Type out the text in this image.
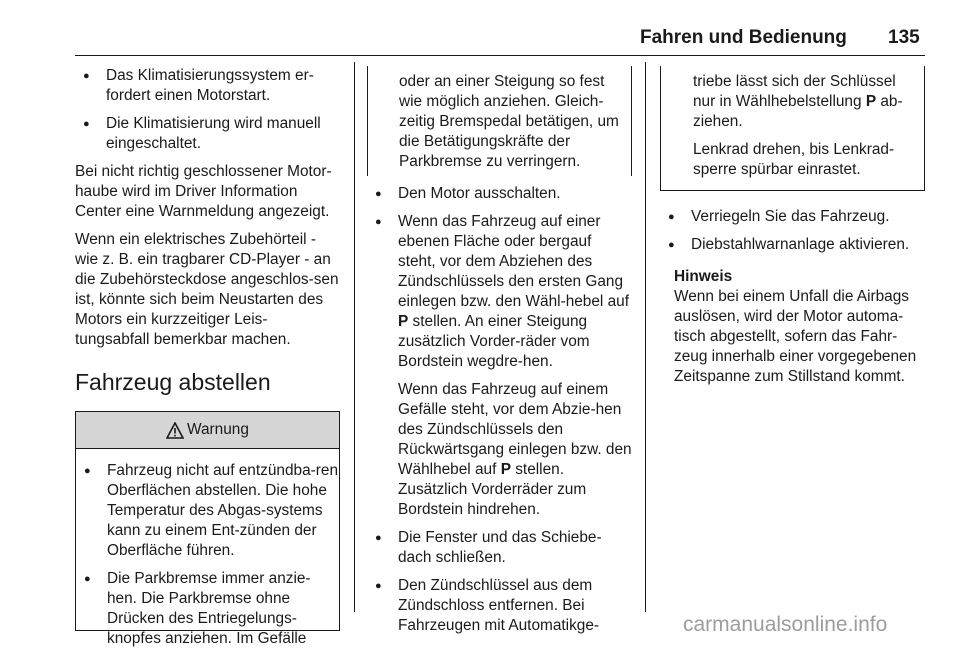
Fahren und Bedienung 135
● Das Klimatisierungssystem er-fordert einen Motorstart.
● Die Klimatisierung wird manuell eingeschaltet.

Bei nicht richtig geschlossener Motor-haube wird im Driver Information Center eine Warnmeldung angezeigt.

Wenn ein elektrisches Zubehörteil - wie z. B. ein tragbarer CD-Player - an die Zubehörsteckdose angeschlos-sen ist, könnte sich beim Neustarten des Motors ein kurzzeitiger Leis-tungsabfall bemerkbar machen.

Fahrzeug abstellen
Warnung
● Fahrzeug nicht auf entzündba-ren Oberflächen abstellen. Die hohe Temperatur des Abgas-systems kann zu einem Ent-zünden der Oberfläche führen.
● Die Parkbremse immer anzie-hen. Die Parkbremse ohne Drücken des Entriegelungs-knopfes anziehen. Im Gefälle

oder an einer Steigung so fest wie möglich anziehen. Gleich-zeitig Bremspedal betätigen, um die Betätigungskräfte der Parkbremse zu verringern.

● Den Motor ausschalten.
● Wenn das Fahrzeug auf einer ebenen Fläche oder bergauf steht, vor dem Abziehen des Zündschlüssels den ersten Gang einlegen bzw. den Wähl-hebel auf P stellen. An einer Steigung zusätzlich Vorder-räder vom Bordstein wegdre-hen.
Wenn das Fahrzeug auf einem Gefälle steht, vor dem Abzie-hen des Zündschlüssels den Rückwärtsgang einlegen bzw. den Wählhebel auf P stellen. Zusätzlich Vorderräder zum Bordstein hindrehen.
● Die Fenster und das Schiebe-dach schließen.
● Den Zündschlüssel aus dem Zündschloss entfernen. Bei Fahrzeugen mit Automatikge-

triebe lässt sich der Schlüssel nur in Wählhebelstellung P ab-ziehen.

Lenkrad drehen, bis Lenkrad-sperre spürbar einrastet.

● Verriegeln Sie das Fahrzeug.
● Diebstahlwarnanlage aktivieren.
Hinweis
Wenn bei einem Unfall die Airbags auslösen, wird der Motor automa-tisch abgestellt, sofern das Fahr-zeug innerhalb einer vorgegebenen Zeitspanne zum Stillstand kommt.
carmanualsonline.info
